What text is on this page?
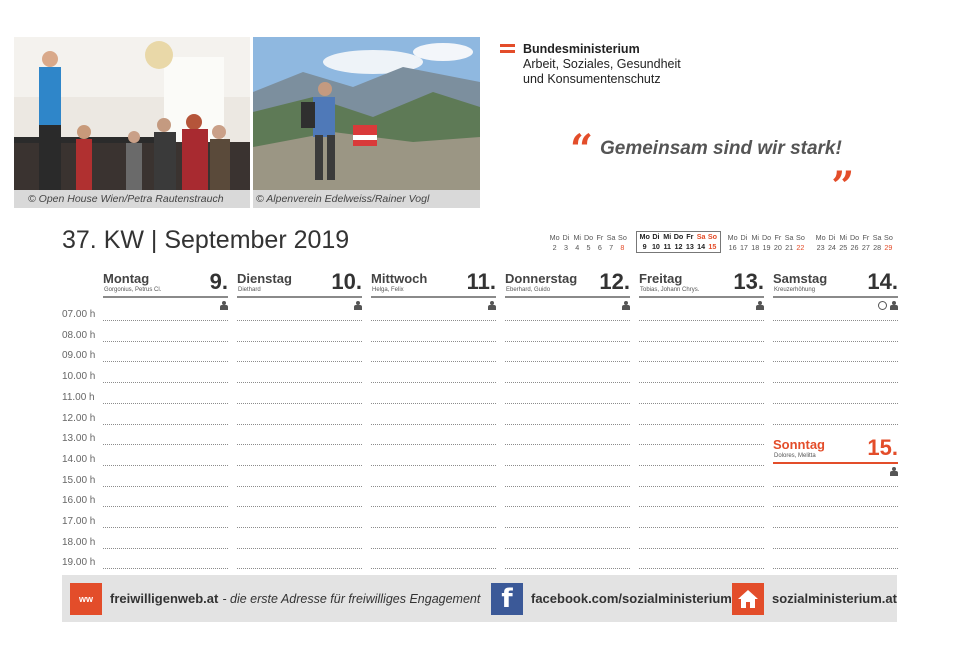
© Open House Wien/Petra Rautenstrauch	© Alpenverein Edelweiss/Rainer Vogl
Bundesministerium
Arbeit, Soziales, Gesundheit
und Konsumentenschutz
“ Gemeinsam sind wir stark!
„
37. KW | September 2019	Mo	Di	Mi	Do	Fr	Sa	So
2	3	4	5	6	7	8
Mo	Di	Mi	Do	Fr	Sa	So
9	10	11	12	13	14	15
Mo	Di	Mi	Do	Fr	Sa	So
16	17	18	19	20	21	22
Mo	Di	Mi	Do	Fr	Sa	So
23	24	25	26	27	28	29
Montag	9.
Gorgonius, Petrus Cl.
Dienstag 10.
Diethard
Mittwoch 11.
Helga, Felix
Donnerstag 12.
Eberhard, Guido
Freitag 13.
Tobias, Johann Chrys.
Samstag 14.
Kreuzerhöhung
Sonntag 15.
Dolores, Melitta
07.00 h
08.00 h
09.00 h
10.00 h
11.00 h
12.00 h
13.00 h
14.00 h
15.00 h
16.00 h
17.00 h
18.00 h
19.00 h
ww	freiwilligenweb.at - die erste Adresse für freiwilliges Engagement f	facebook.com/sozialministerium	sozialministerium.at
